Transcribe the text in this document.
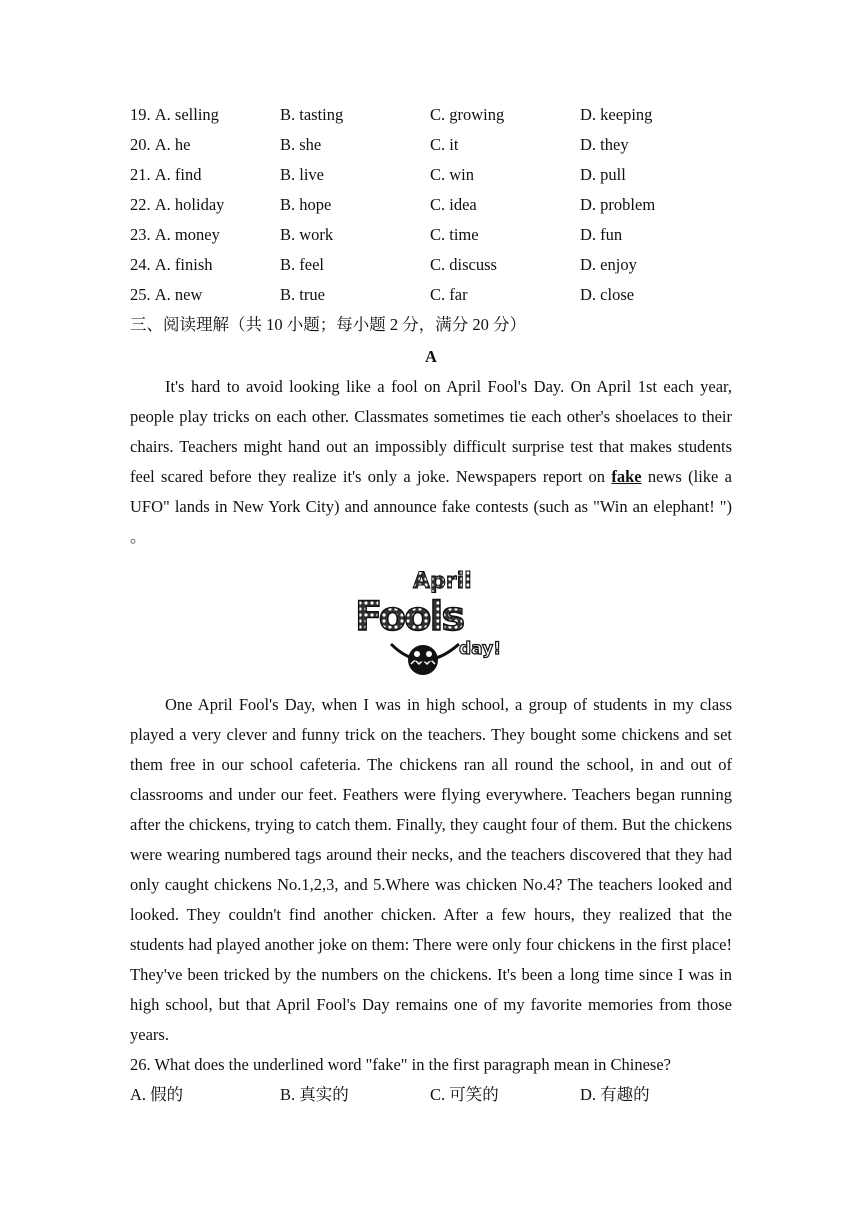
19. A. selling	B. tasting	C. growing	D. keeping
20. A. he	B. she	C. it	D. they
21. A. find	B. live	C. win	D. pull
22. A. holiday	B. hope	C. idea	D. problem
23. A. money	B. work	C. time	D. fun
24. A. finish	B. feel	C. discuss	D. enjoy
25. A. new	B. true	C. far	D. close
三、阅读理解（共 10 小题；每小题 2 分，满分 20 分）
A

It's hard to avoid looking like a fool on April Fool's Day. On April 1st each year, people play tricks on each other. Classmates sometimes tie each other's shoelaces to their chairs. Teachers might hand out an impossibly difficult surprise test that makes students feel scared before they realize it's only a joke. Newspapers report on fake news (like a UFO" lands in New York City) and announce fake contests (such as "Win an elephant! ") 。

April
Fools
day!

One April Fool's Day, when I was in high school, a group of students in my class played a very clever and funny trick on the teachers. They bought some chickens and set them free in our school cafeteria. The chickens ran all round the school, in and out of classrooms and under our feet. Feathers were flying everywhere. Teachers began running after the chickens, trying to catch them. Finally, they caught four of them. But the chickens were wearing numbered tags around their necks, and the teachers discovered that they had only caught chickens No.1,2,3, and 5.Where was chicken No.4? The teachers looked and looked. They couldn't find another chicken. After a few hours, they realized that the students had played another joke on them: There were only four chickens in the first place! They've been tricked by the numbers on the chickens. It's been a long time since I was in high school, but that April Fool's Day remains one of my favorite memories from those years.

26. What does the underlined word "fake" in the first paragraph mean in Chinese?
A. 假的	B. 真实的	C. 可笑的	D. 有趣的
